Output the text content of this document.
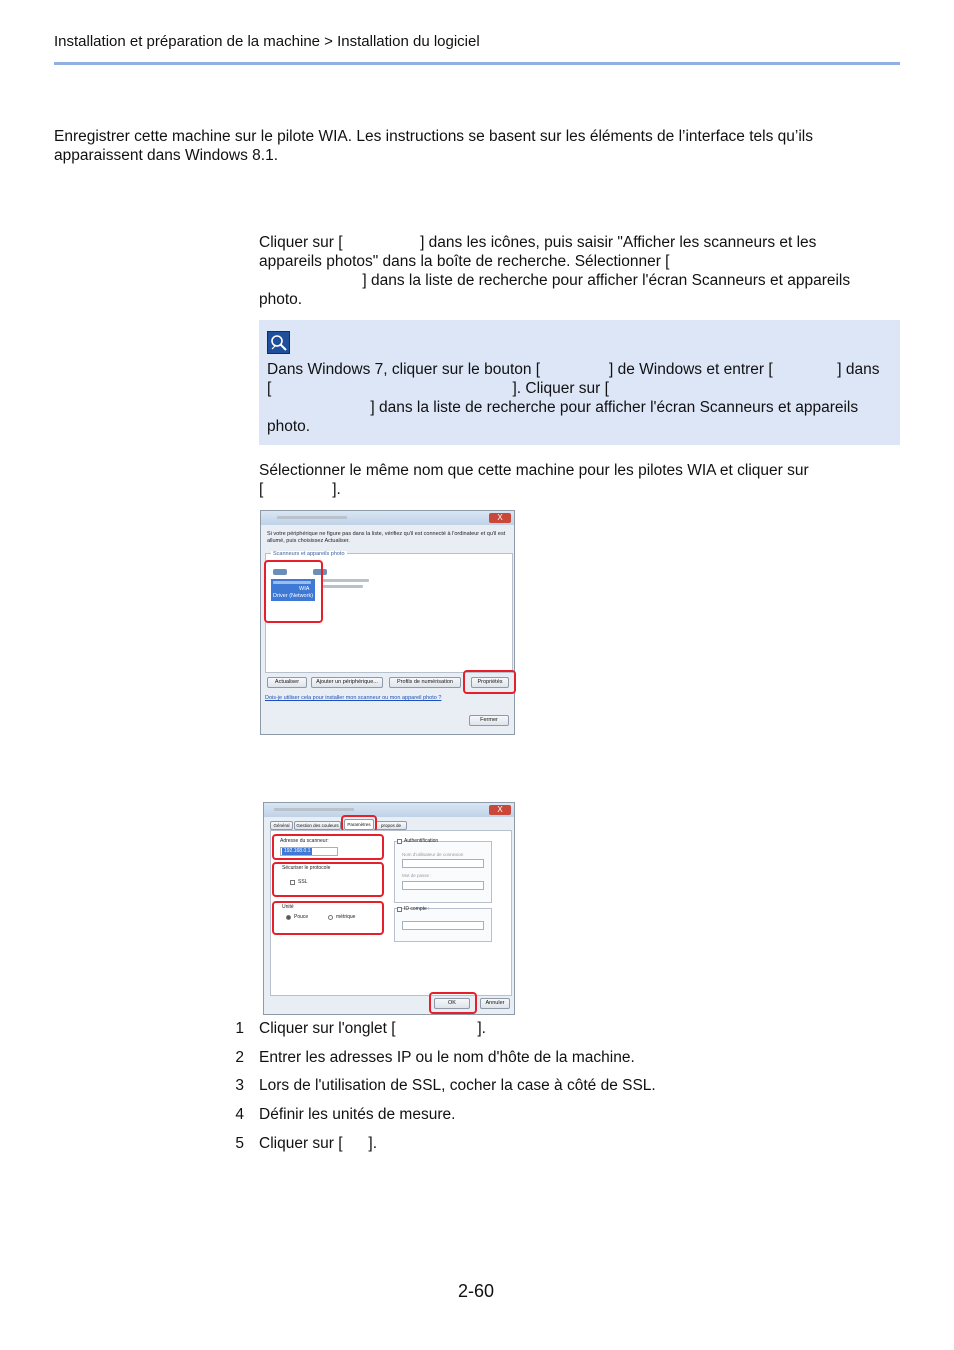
Installation et préparation de la machine > Installation du logiciel
Enregistrer cette machine sur le pilote WIA. Les instructions se basent sur les éléments de l’interface tels qu’ils apparaissent dans Windows 8.1.
Cliquer sur [                  ] dans les icônes, puis saisir "Afficher les scanneurs et les
appareils photos" dans la boîte de recherche. Sélectionner [
] dans la liste de recherche pour afficher l'écran Scanneurs et appareils
photo.
Dans Windows 7, cliquer sur le bouton [                ] de Windows et entrer [               ] dans
[                                                        ]. Cliquer sur [
] dans la liste de recherche pour afficher l'écran Scanneurs et appareils
photo.
Sélectionner le même nom que cette machine pour les pilotes WIA et cliquer sur
[                ].
X
Si votre périphérique ne figure pas dans la liste, vérifiez qu'il est connecté à l'ordinateur et qu'il est
allumé, puis choisissez Actualiser.
Scanneurs et appareils photo
WIA
Driver (Network)
Actualiser	Ajouter un périphérique...	Profils de numérisation	Propriétés
Dois-je utiliser cela pour installer mon scanneur ou mon appareil photo ?
Fermer
X
Général	Gestion des couleurs	Paramètres	propos de
Adresse du scanneur:
192.168.0.1
Sécuriser le protocole
SSL
Unité
Pouce	métrique
Authentification
Nom d'utilisateur de connexion
Mot de passe :
ID compte :
OK	Annuler
1 Cliquer sur l'onglet [                   ].
2 Entrer les adresses IP ou le nom d'hôte de la machine.
3 Lors de l'utilisation de SSL, cocher la case à côté de SSL.
4 Définir les unités de mesure.
5 Cliquer sur [      ].
2-60
